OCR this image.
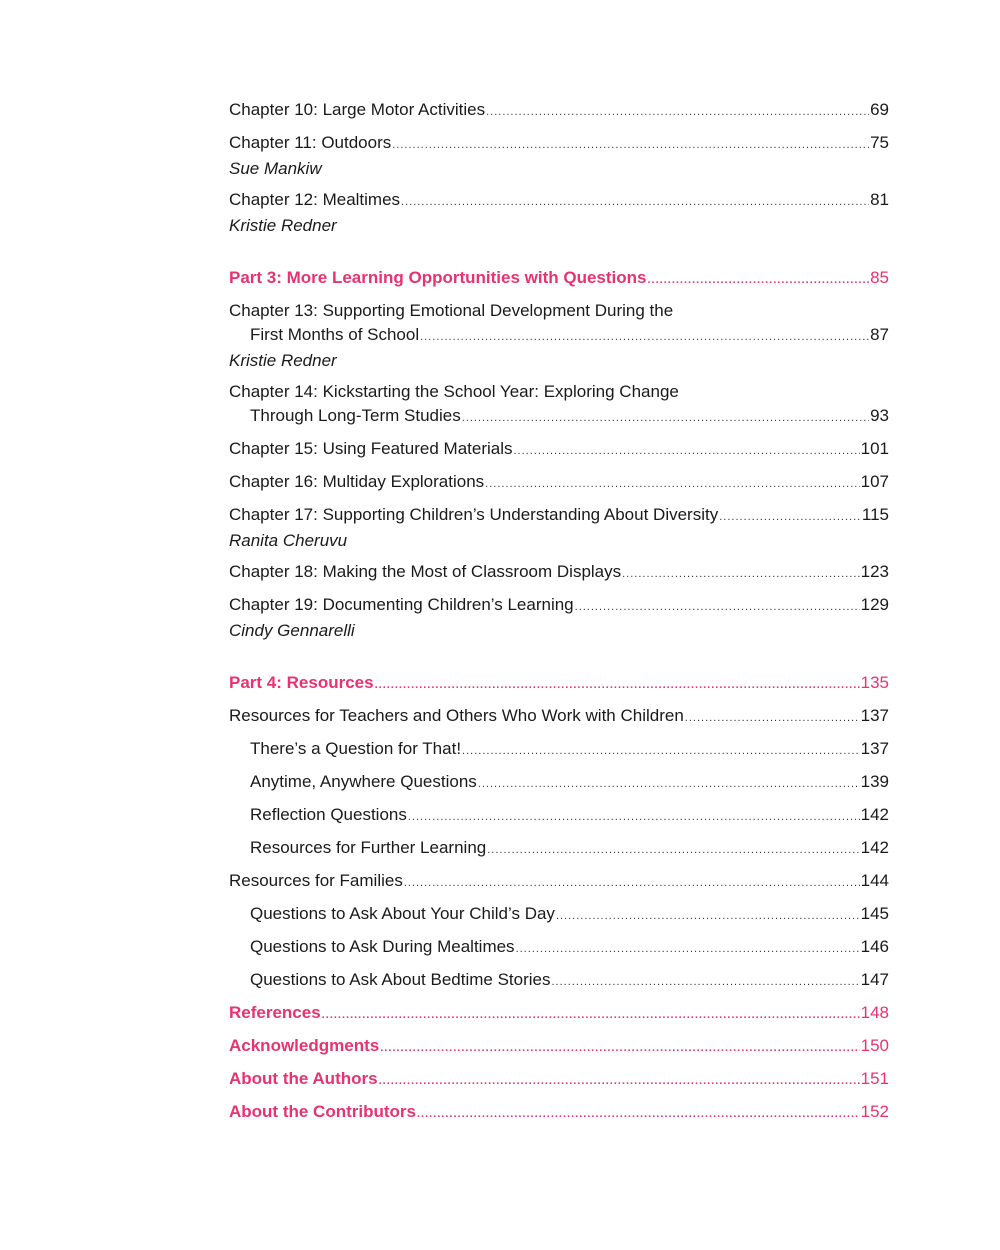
Chapter 10: Large Motor Activities .....	69
Chapter 11: Outdoors .....	75
Sue Mankiw
Chapter 12: Mealtimes .....	81
Kristie Redner
Part 3: More Learning Opportunities with Questions .....	85
Chapter 13: Supporting Emotional Development During the
First Months of School .....	87
Kristie Redner
Chapter 14: Kickstarting the School Year: Exploring Change
Through Long-Term Studies .....	93
Chapter 15: Using Featured Materials .....	101
Chapter 16: Multiday Explorations .....	107
Chapter 17: Supporting Children’s Understanding About Diversity .....	115
Ranita Cheruvu
Chapter 18: Making the Most of Classroom Displays .....	123
Chapter 19: Documenting Children’s Learning .....	129
Cindy Gennarelli
Part 4: Resources .....	135
Resources for Teachers and Others Who Work with Children .....	137
There’s a Question for That! .....	137
Anytime, Anywhere Questions .....	139
Reflection Questions .....	142
Resources for Further Learning .....	142
Resources for Families .....	144
Questions to Ask About Your Child’s Day .....	145
Questions to Ask During Mealtimes .....	146
Questions to Ask About Bedtime Stories .....	147
References .....	148
Acknowledgments .....	150
About the Authors .....	151
About the Contributors .....	152
